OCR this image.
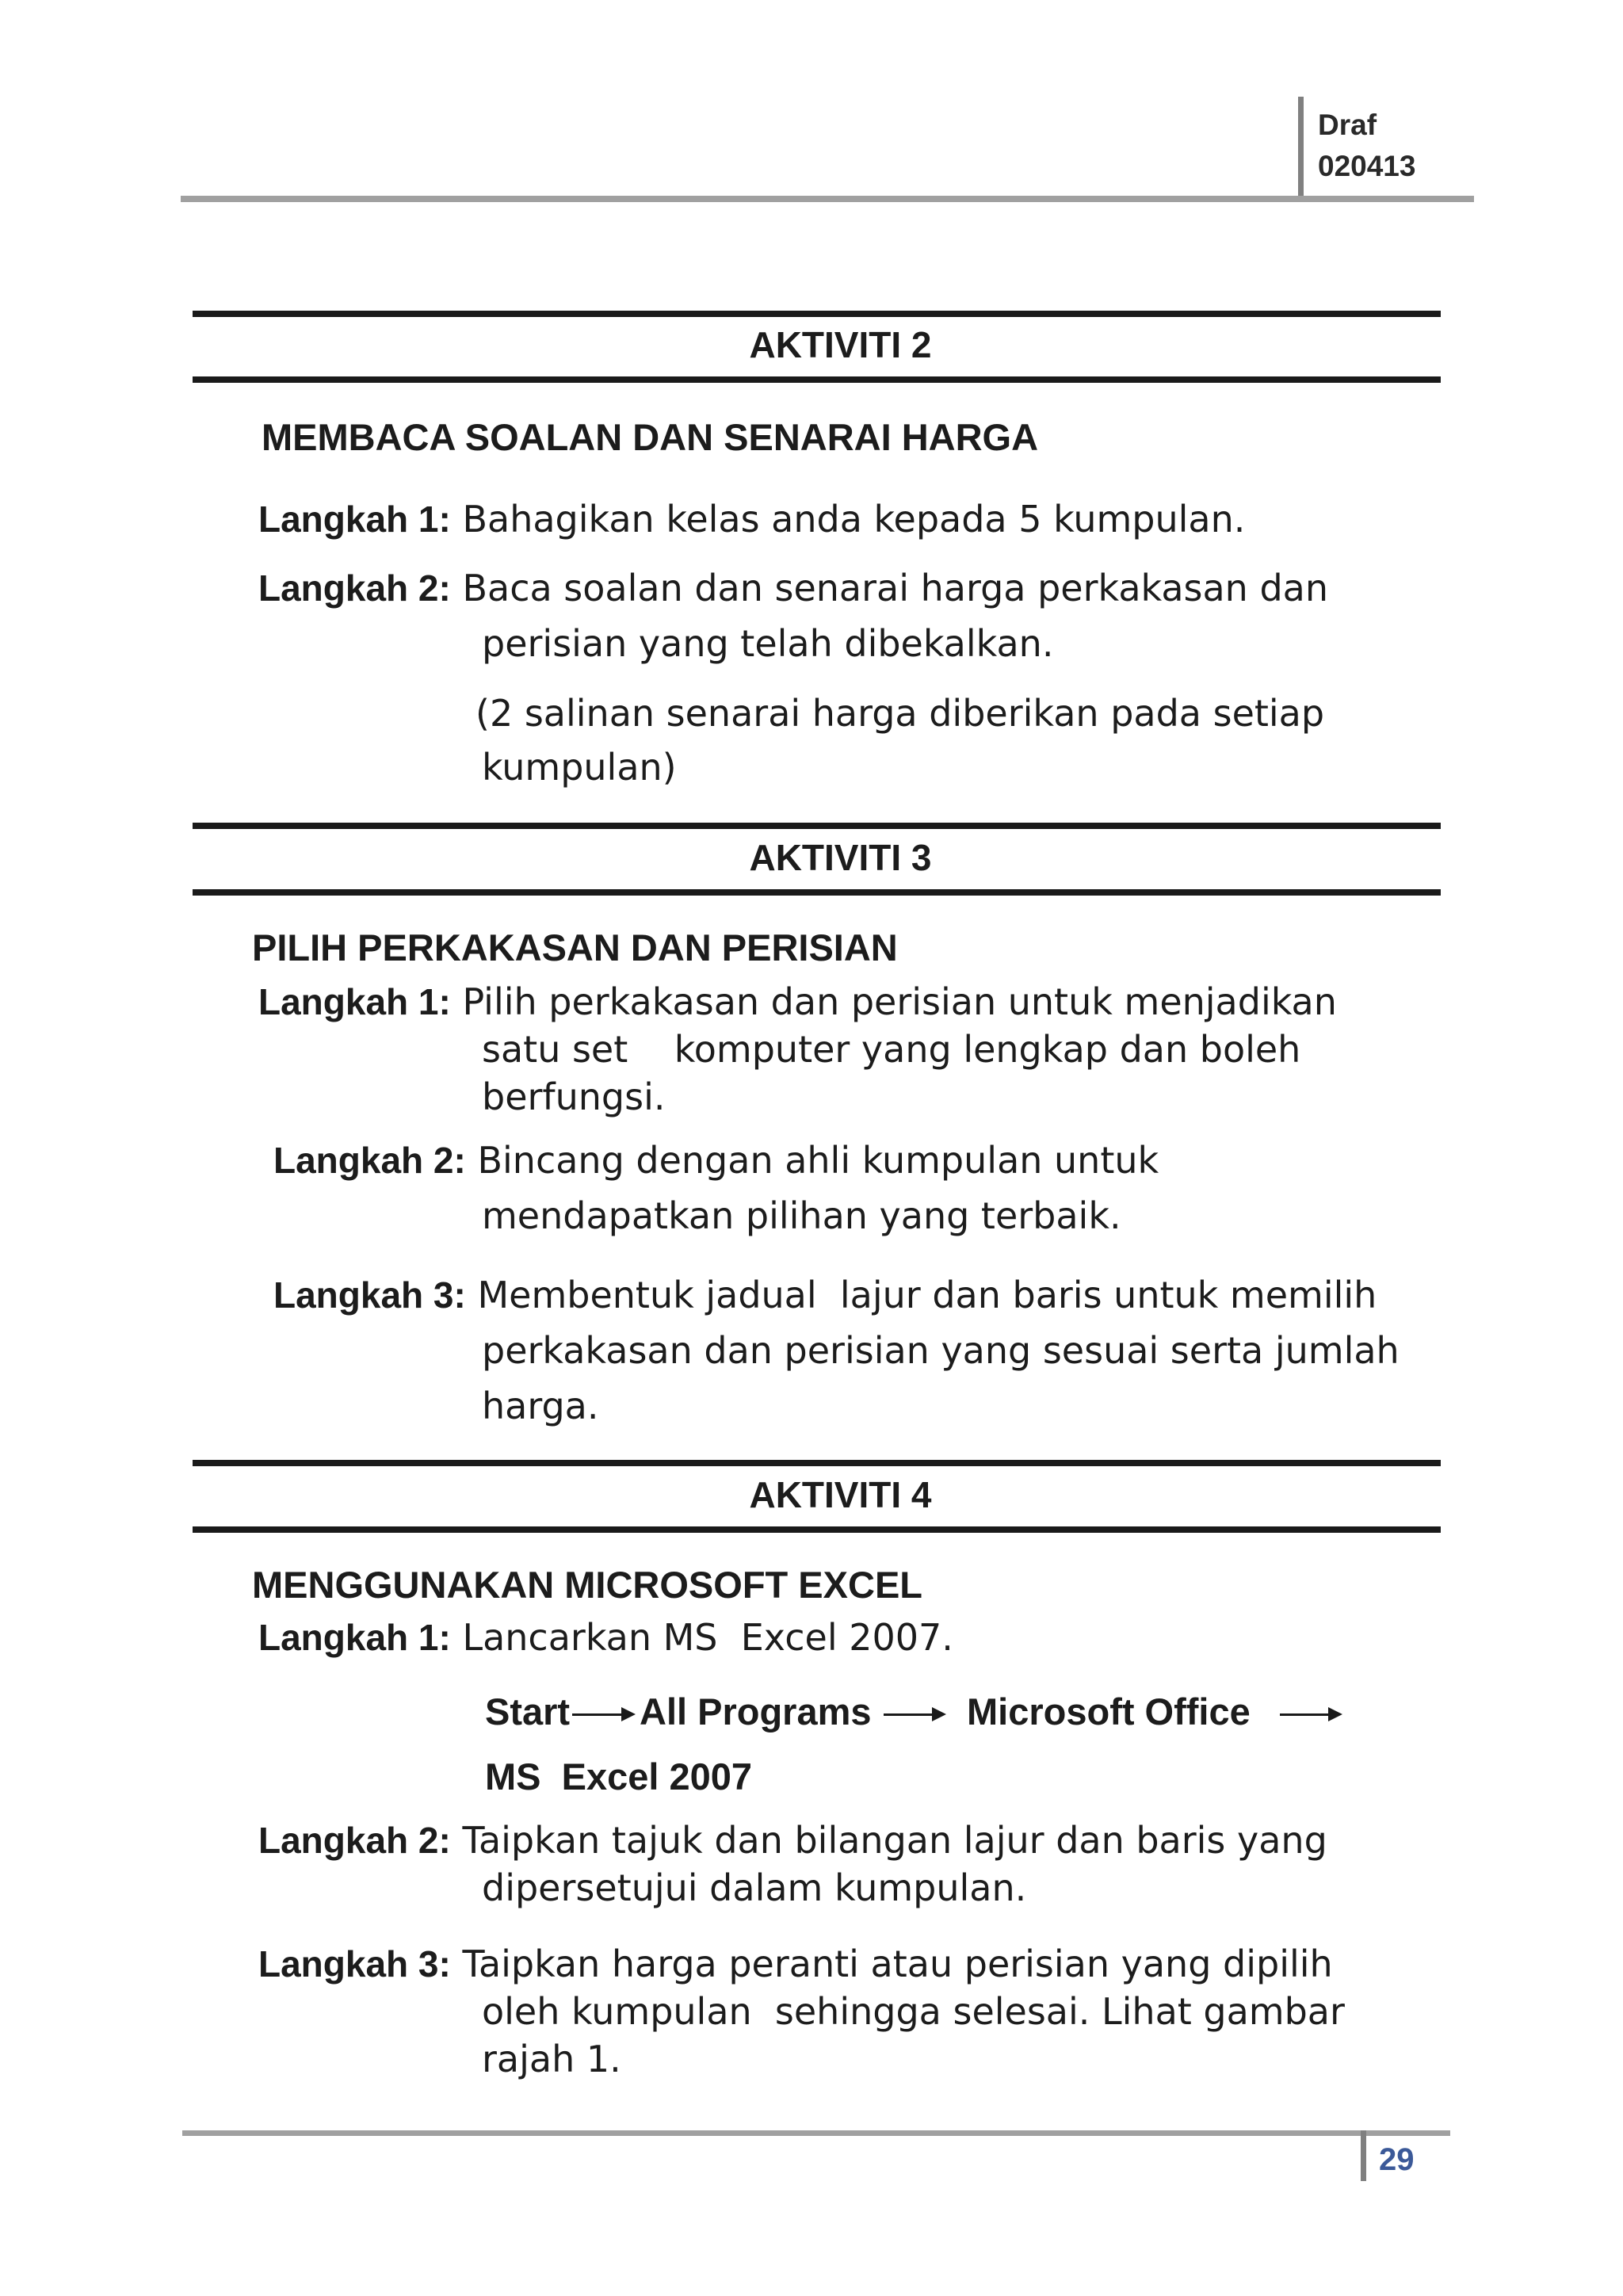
Draf
020413
AKTIVITI 2
MEMBACA SOALAN DAN SENARAI HARGA
Langkah 1: Bahagikan kelas anda kepada 5 kumpulan.
Langkah 2: Baca soalan dan senarai harga perkakasan dan
perisian yang telah dibekalkan.
(2 salinan senarai harga diberikan pada setiap
kumpulan)
AKTIVITI 3
PILIH PERKAKASAN DAN PERISIAN
Langkah 1: Pilih perkakasan dan perisian untuk menjadikan
satu set    komputer yang lengkap dan boleh
berfungsi.
Langkah 2: Bincang dengan ahli kumpulan untuk
mendapatkan pilihan yang terbaik.
Langkah 3: Membentuk jadual  lajur dan baris untuk memilih
perkakasan dan perisian yang sesuai serta jumlah
harga.
AKTIVITI 4
MENGGUNAKAN MICROSOFT EXCEL
Langkah 1: Lancarkan MS  Excel 2007.
Start All Programs	Microsoft Office
MS  Excel 2007
Langkah 2: Taipkan tajuk dan bilangan lajur dan baris yang
dipersetujui dalam kumpulan.
Langkah 3: Taipkan harga peranti atau perisian yang dipilih
oleh kumpulan  sehingga selesai. Lihat gambar
rajah 1.
29
